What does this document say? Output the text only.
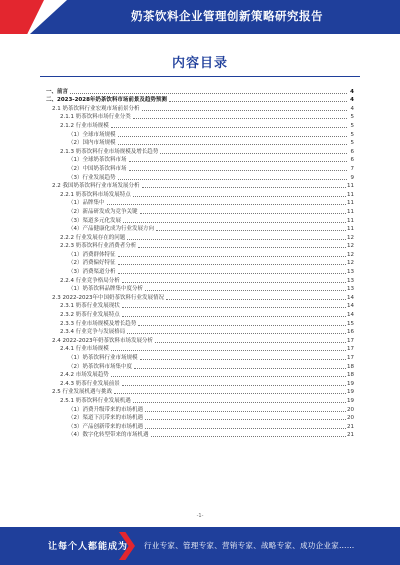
奶茶饮料企业管理创新策略研究报告
内容目录
一、前言	4
二、2023-2028年奶茶饮料市场前景及趋势预测	4
2.1 奶茶饮料行业宏观市场前景分析	4
2.1.1 奶茶饮料市场行业分类	5
2.1.2 行业市场规模	5
（1）全球市场规模	5
（2）国内市场规模	5
2.1.3 奶茶饮料行业市场规模及增长趋势	6
（1）全球奶茶饮料市场	6
（2）中国奶茶饮料市场	7
（3）行业发展趋势	9
2.2 我国奶茶饮料行业市场发展分析	11
2.2.1 奶茶饮料市场发展特点	11
（1）品牌集中	11
（2）新品研发成为竞争关键	11
（3）渠道多元化发展	11
（4）产品健康化成为行业发展方向	11
2.2.2 行业发展存在的问题	12
2.2.3 奶茶饮料行业消费者分析	12
（1）消费群体特征	12
（2）消费偏好特征	12
（3）消费渠道分析	13
2.2.4 行业竞争格局分析	13
（1）奶茶饮料品牌集中度分析	13
2.3 2022-2023年中国奶茶饮料行业发展情况	14
2.3.1 奶茶行业发展现状	14
2.3.2 奶茶行业发展特点	14
2.3.3 行业市场规模及增长趋势	15
2.3.4 行业竞争与发展格局	16
2.4 2022-2023年奶茶饮料市场发展分析	17
2.4.1 行业市场规模	17
（1）奶茶饮料行业市场规模	17
（2）奶茶饮料市场集中度	18
2.4.2 市场发展趋势	18
2.4.3 奶茶行业发展前景	19
2.5 行业发展机遇与挑战	19
2.5.1 奶茶饮料行业发展机遇	19
（1）消费升级带来的市场机遇	20
（2）渠道下沉带来的市场机遇	20
（3）产品创新带来的市场机遇	21
（4）数字化转型带来的市场机遇	21
-1-
让每个人都能成为 行业专家、管理专家、营销专家、战略专家、成功企业家……
